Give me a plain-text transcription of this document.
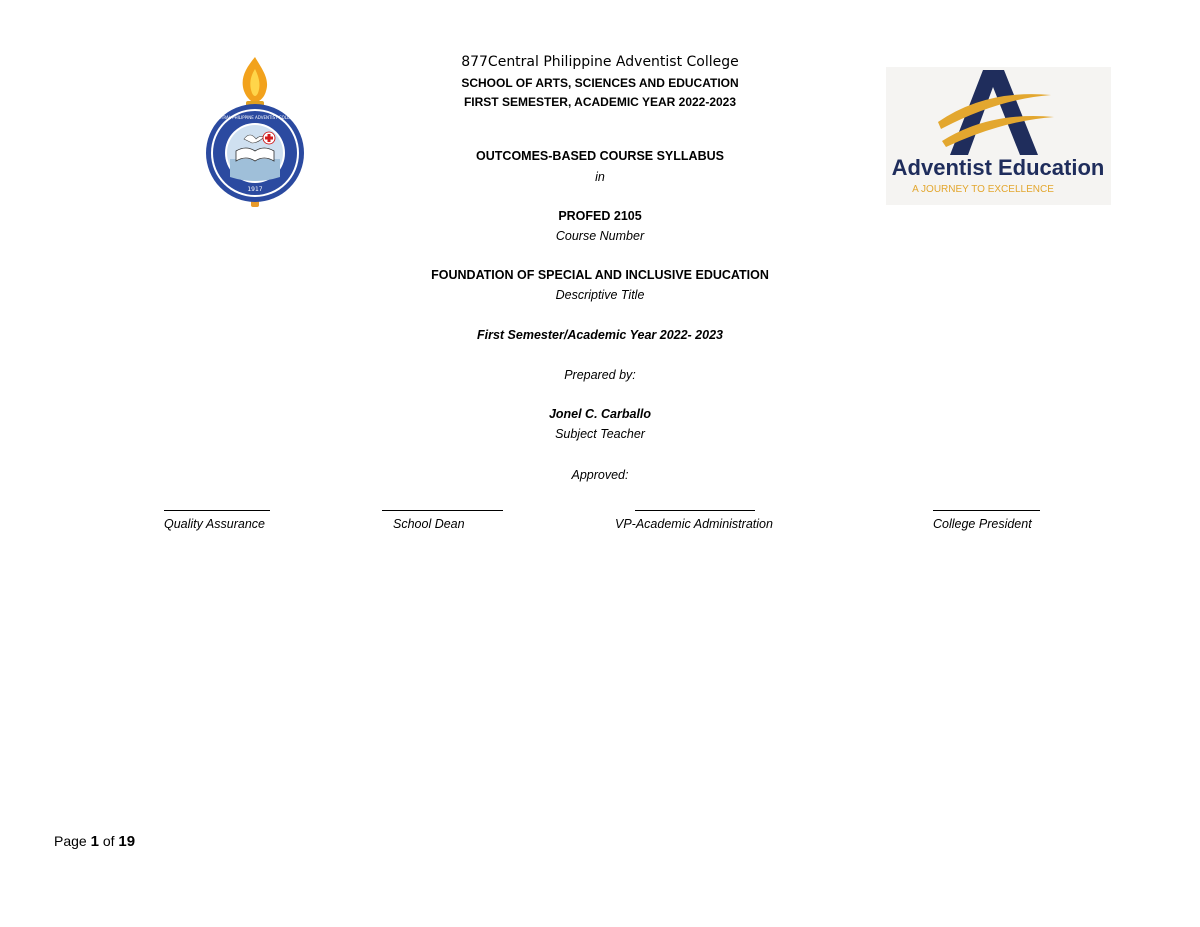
CENTRAL PHILIPPINE ADVENTIST COLLEGE
1917
877Central Philippine Adventist College
SCHOOL OF ARTS, SCIENCES AND EDUCATION
FIRST SEMESTER, ACADEMIC YEAR 2022-2023
Adventist Education
A JOURNEY TO EXCELLENCE
OUTCOMES-BASED COURSE SYLLABUS
in
PROFED 2105
Course Number
FOUNDATION OF SPECIAL AND INCLUSIVE EDUCATION
Descriptive Title
First Semester/Academic Year 2022- 2023
Prepared by:
Jonel C. Carballo
Subject Teacher
Approved:
Quality Assurance	School Dean	VP-Academic Administration	College President
Page 1 of 19
